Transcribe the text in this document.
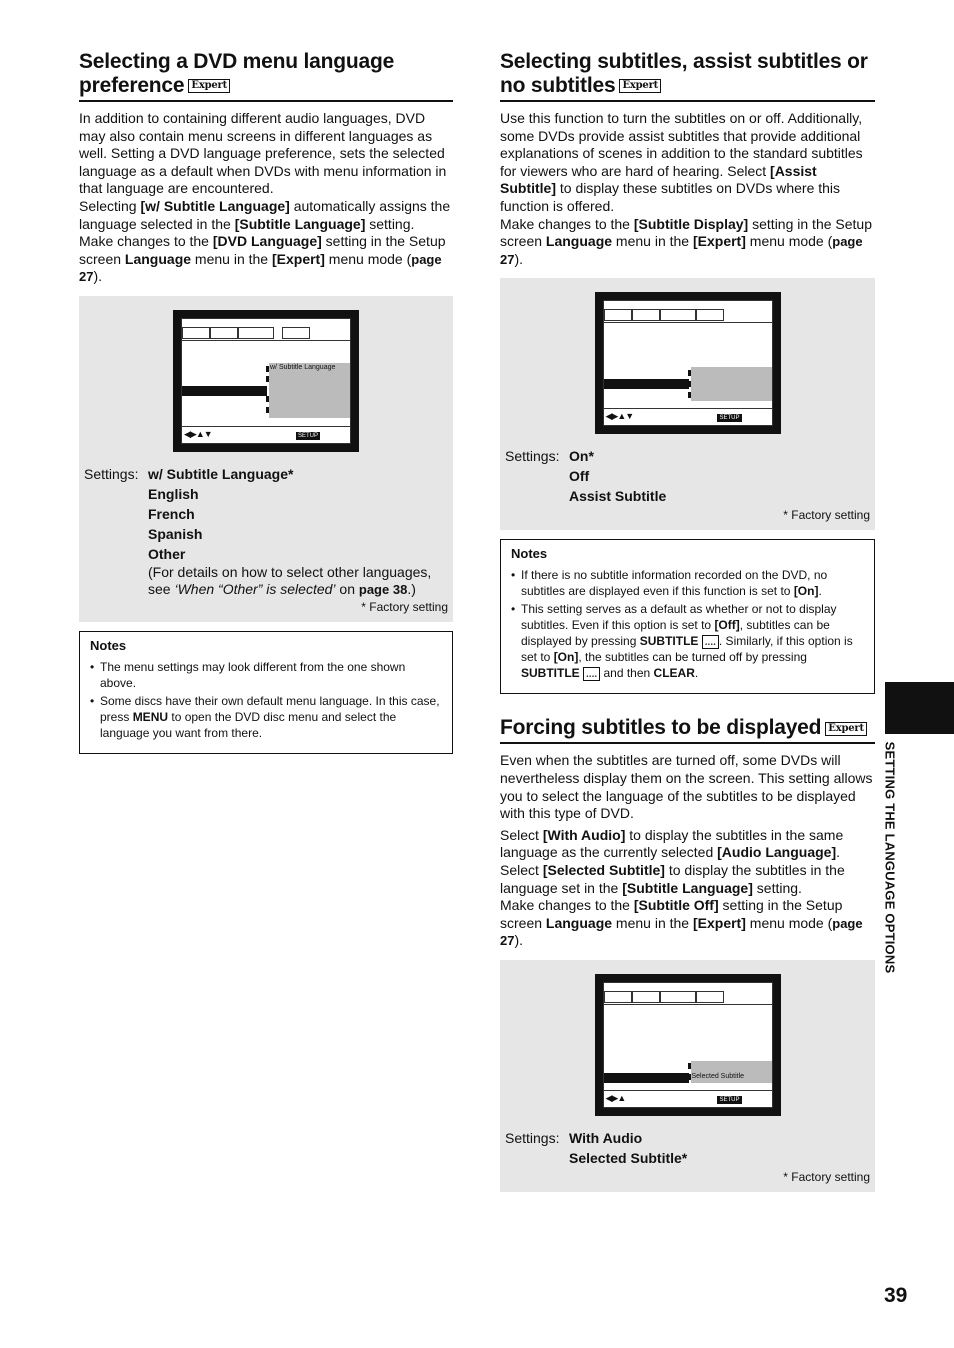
Selecting a DVD menu language preference Expert

In addition to containing different audio languages, DVD may also contain menu screens in different languages as well. Setting a DVD language preference, sets the selected language as a default when DVDs with menu information in that language are encountered.

Selecting [w/ Subtitle Language] automatically assigns the language selected in the [Subtitle Language] setting.

Make changes to the [DVD Language] setting in the Setup screen Language menu in the [Expert] menu mode (page 27).

w/ Subtitle Language
◀▶▲▼	SETUP
Settings: w/ Subtitle Language*
English
French
Spanish
Other
(For details on how to select other languages, see ‘When “Other” is selected’ on page 38.)
* Factory setting
Notes
• The menu settings may look different from the one shown above.
• Some discs have their own default menu language. In this case, press MENU to open the DVD disc menu and select the language you want from there.
Selecting subtitles, assist subtitles or no subtitles Expert

Use this function to turn the subtitles on or off. Additionally, some DVDs provide assist subtitles that provide additional explanations of scenes in addition to the standard subtitles for viewers who are hard of hearing. Select [Assist Subtitle] to display these subtitles on DVDs where this function is offered.

Make changes to the [Subtitle Display] setting in the Setup screen Language menu in the [Expert] menu mode (page 27).

◀▶▲▼	SETUP
Settings: On*
Off
Assist Subtitle
* Factory setting
Notes
• If there is no subtitle information recorded on the DVD, no subtitles are displayed even if this function is set to [On].
• This setting serves as a default as whether or not to display subtitles. Even if this option is set to [Off], subtitles can be displayed by pressing SUBTITLE .... . Similarly, if this option is set to [On], the subtitles can be turned off by pressing SUBTITLE .... and then CLEAR.
Forcing subtitles to be displayed Expert

Even when the subtitles are turned off, some DVDs will nevertheless display them on the screen. This setting allows you to select the language of the subtitles to be displayed with this type of DVD.

Select [With Audio] to display the subtitles in the same language as the currently selected [Audio Language].

Select [Selected Subtitle] to display the subtitles in the language set in the [Subtitle Language] setting.

Make changes to the [Subtitle Off] setting in the Setup screen Language menu in the [Expert] menu mode (page 27).

Selected Subtitle
◀▶▲	SETUP
Settings: With Audio
Selected Subtitle*
* Factory setting
SETTING THE LANGUAGE OPTIONS
39
